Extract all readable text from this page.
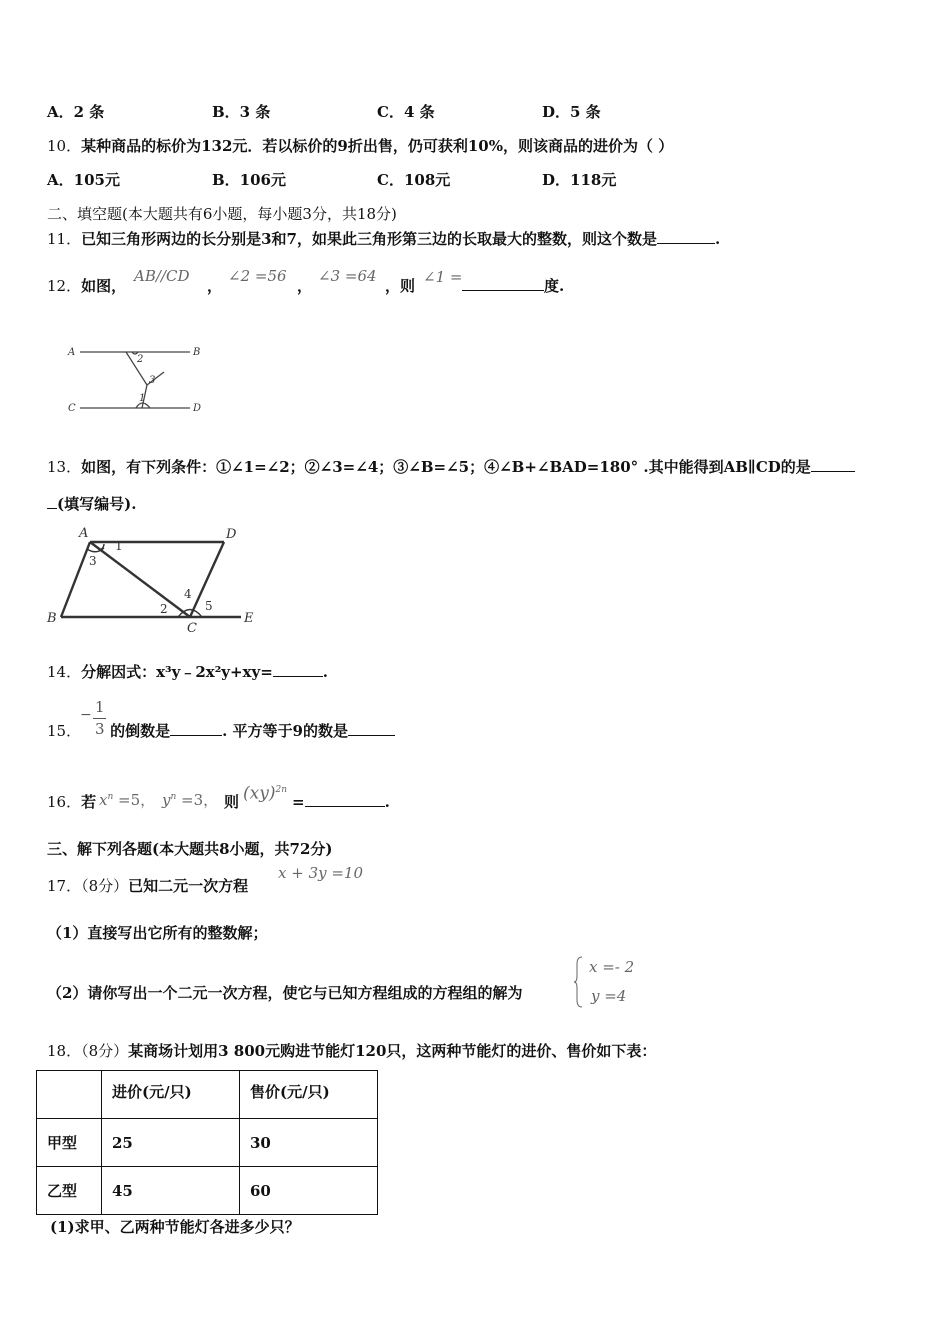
A．2 条	B．3 条	C．4 条	D．5 条
10．某种商品的标价为132元．若以标价的9折出售，仍可获利10%，则该商品的进价为（ ）
A．105元	B．106元	C．108元	D．118元
二、填空题(本大题共有6小题，每小题3分，共18分)
11．已知三角形两边的长分别是3和7，如果此三角形第三边的长取最大的整数，则这个数是	.
12．如图，
AB//CD
，
∠2 =56
，
∠3 =64
，则 ∠1 =	度.
A	B
C	D
1
2
3
13．如图，有下列条件：①∠1=∠2；②∠3=∠4；③∠B=∠5；④∠B+∠BAD=180° .其中能得到AB∥CD的是
(填写编号).
A	D
B
C
E
1
2
3
4
5
14．分解因式：x³y﹣2x²y+xy=	.
− 1
3
15． 的倒数是	. 平方等于9的数是
16．若 $x^n =5$， $y^n =3$， 则 (xy)$^{2n}$
=	.
三、解下列各题(本大题共8小题，共72分)
17．（8分）已知二元一次方程
x + 3y =10
（1）直接写出它所有的整数解；
（2）请你写出一个二元一次方程，使它与已知方程组成的方程组的解为
x =- 2
y =4
18．（8分）某商场计划用3 800元购进节能灯120只，这两种节能灯的进价、售价如下表：
	进价(元/只)	售价(元/只)
甲型	25	30
乙型	45	60
(1)求甲、乙两种节能灯各进多少只？
